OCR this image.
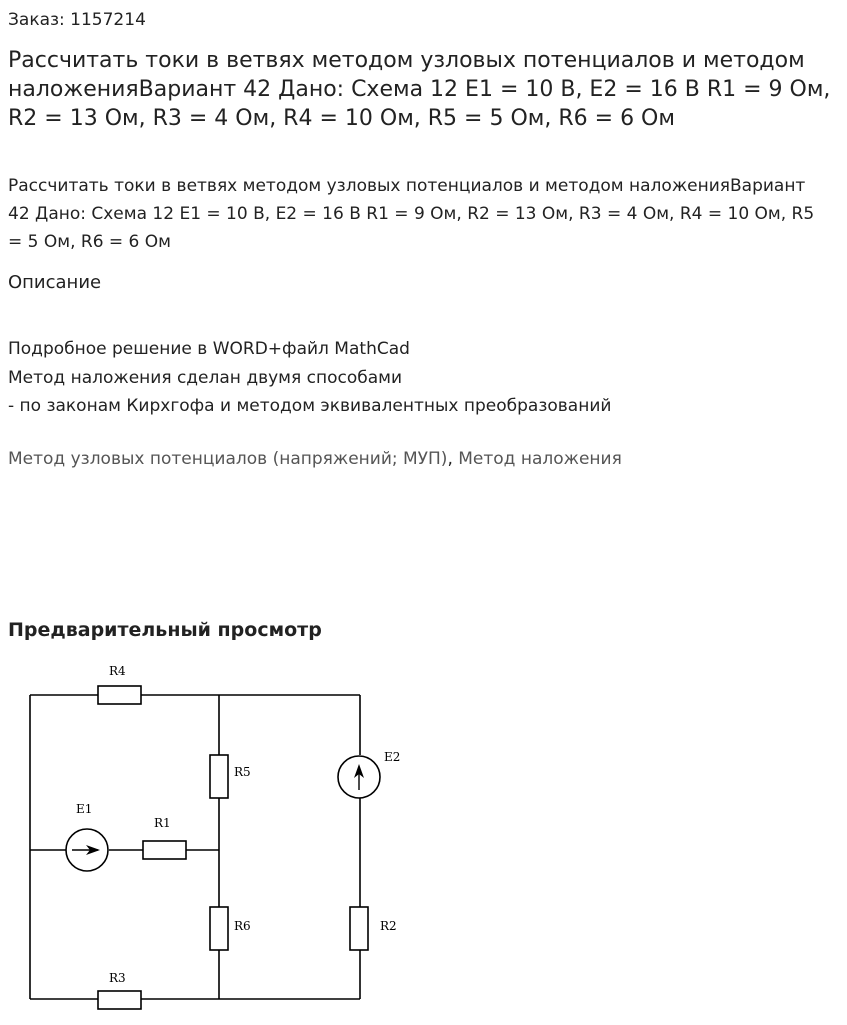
Заказ: 1157214
Рассчитать токи в ветвях методом узловых потенциалов и методом наложенияВариант 42 Дано: Схема 12 E1 = 10 В, E2 = 16 В R1 = 9 Ом, R2 = 13 Ом, R3 = 4 Ом, R4 = 10 Ом, R5 = 5 Ом, R6 = 6 Ом
Рассчитать токи в ветвях методом узловых потенциалов и методом наложенияВариант 42 Дано: Схема 12 E1 = 10 В, E2 = 16 В R1 = 9 Ом, R2 = 13 Ом, R3 = 4 Ом, R4 = 10 Ом, R5 = 5 Ом, R6 = 6 Ом
Описание
Подробное решение в WORD+файл MathCad
Метод наложения сделан двумя способами
- по законам Кирхгофа и методом эквивалентных преобразований
Метод узловых потенциалов (напряжений; МУП), Метод наложения
Предварительный просмотр
R4
R5
E2
E1
R1
R6	R2
R3
